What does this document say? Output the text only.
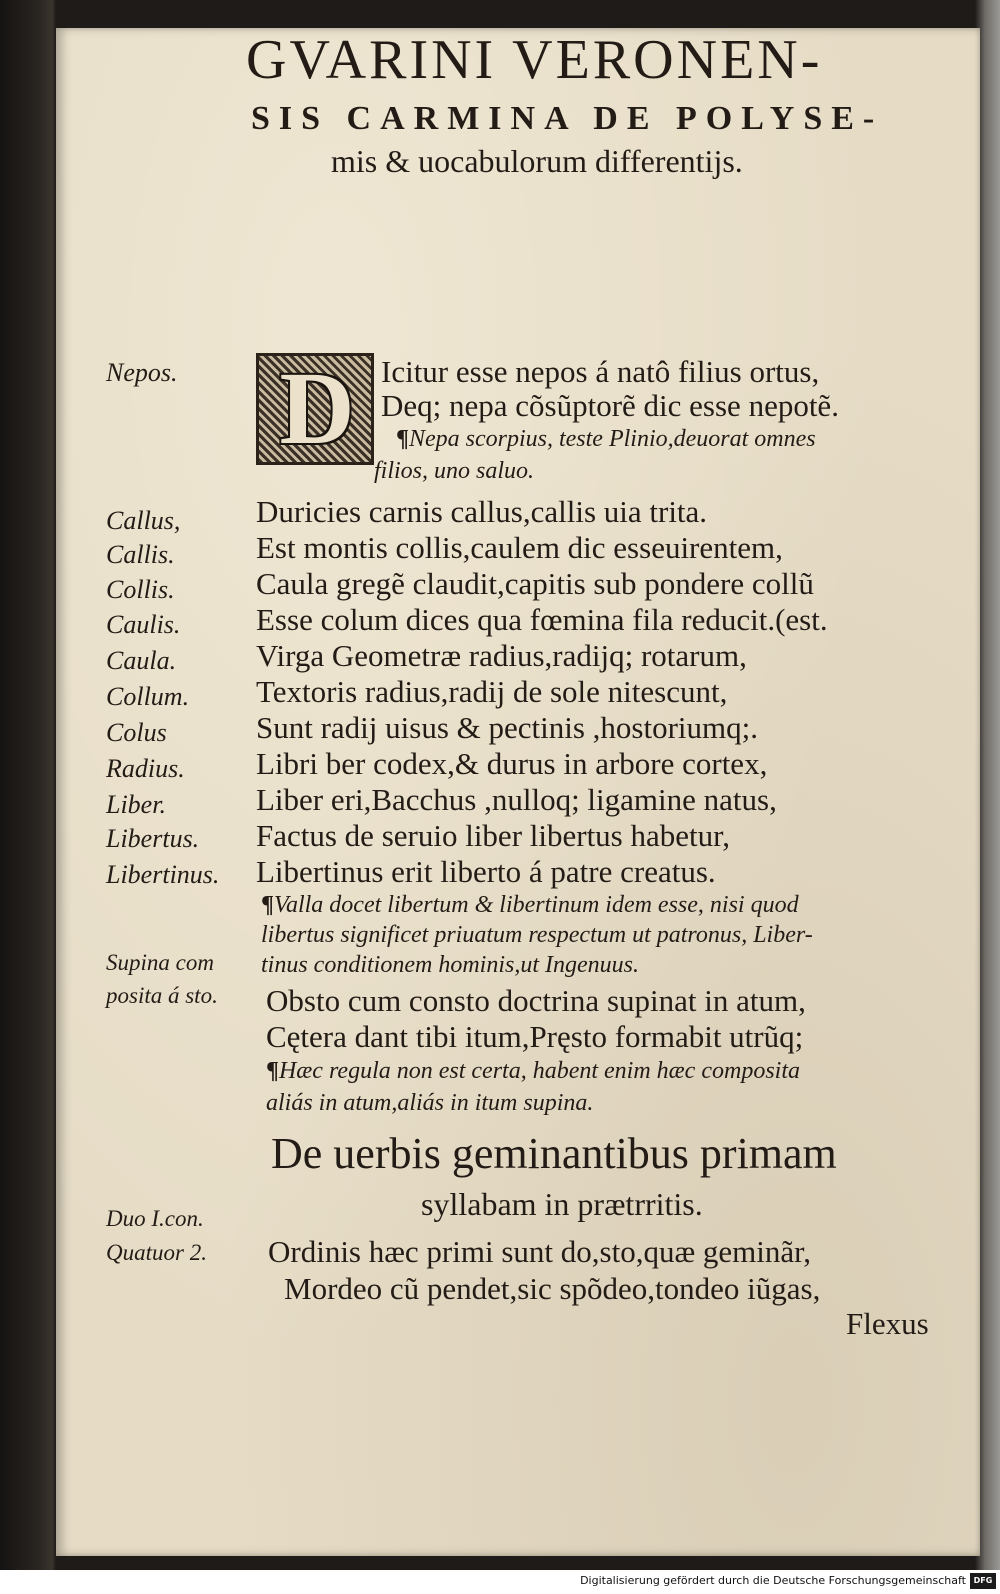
GVARINI VERONEN-
SIS CARMINA DE POLYSE-
mis & uocabulorum differentijs.
D
Nepos.
Callus,
Callis.
Collis.
Caulis.
Caula.
Collum.
Colus
Radius.
Liber.
Libertus.
Libertinus.
Supina com
posita á sto.
Duo I.con.
Quatuor 2.
Icitur esse nepos á natô filius ortus,
Deq; nepa cõsũptorẽ dic esse nepotẽ.
¶Nepa scorpius, teste Plinio,deuorat omnes
filios, uno saluo.
Duricies carnis callus,callis uia trita.
Est montis collis,caulem dic esseuirentem,
Caula gregẽ claudit,capitis sub pondere collũ
Esse colum dices qua fœmina fila reducit.(est.
Virga Geometræ radius,radijq; rotarum,
Textoris radius,radij de sole nitescunt,
Sunt radij uisus & pectinis ,hostoriumq;.
Libri ber codex,& durus in arbore cortex,
Liber eri,Bacchus ,nulloq; ligamine natus,
Factus de seruio liber libertus habetur,
Libertinus erit liberto á patre creatus.
¶Valla docet libertum & libertinum idem esse, nisi quod
libertus significet priuatum respectum ut patronus, Liber-
tinus conditionem hominis,ut Ingenuus.
Obsto cum consto doctrina supinat in atum,
Cętera dant tibi itum,Pręsto formabit utrũq;
¶Hæc regula non est certa, habent enim hæc composita
aliás in atum,aliás in itum supina.
De uerbis geminantibus primam
syllabam in prætrritis.
Ordinis hæc primi sunt do,sto,quæ geminãr,
Mordeo cũ pendet,sic spõdeo,tondeo iũgas,
Flexus
Digitalisierung gefördert durch die Deutsche Forschungsgemeinschaft DFG
